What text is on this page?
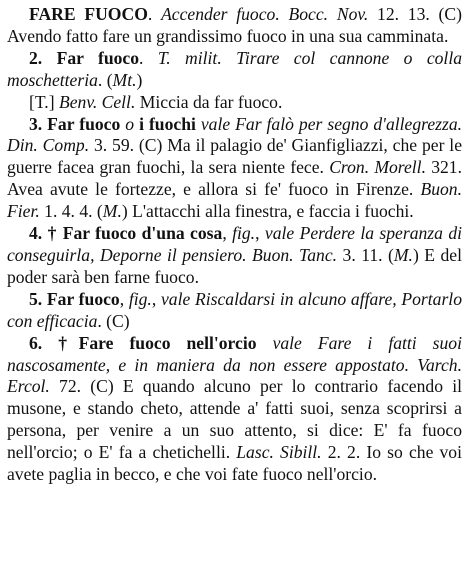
FARE FUOCO. Accender fuoco. Bocc. Nov. 12. 13. (C) Avendo fatto fare un grandissimo fuoco in una sua camminata.

2. Far fuoco. T. milit. Tirare col cannone o colla moschetteria. (Mt.)

[T.] Benv. Cell. Miccia da far fuoco.

3. Far fuoco o i fuochi vale Far falò per segno d'allegrezza. Din. Comp. 3. 59. (C) Ma il palagio de' Gianfigliazzi, che per le guerre facea gran fuochi, la sera niente fece. Cron. Morell. 321. Avea avute le fortezze, e allora si fe' fuoco in Firenze. Buon. Fier. 1. 4. 4. (M.) L'attacchi alla finestra, e faccia i fuochi.

4. † Far fuoco d'una cosa, fig., vale Perdere la speranza di conseguirla, Deporne il pensiero. Buon. Tanc. 3. 11. (M.) E del poder sarà ben farne fuoco.

5. Far fuoco, fig., vale Riscaldarsi in alcuno affare, Portarlo con efficacia. (C)

6. †Fare fuoco nell'orcio vale Fare i fatti suoi nascosamente, e in maniera da non essere appostato. Varch. Ercol. 72. (C) E quando alcuno per lo contrario facendo il musone, e stando cheto, attende a' fatti suoi, senza scoprirsi a persona, per venire a un suo attento, si dice: E' fa fuoco nell'orcio; o E' fa a chetichelli. Lasc. Sibill. 2. 2. Io so che voi avete paglia in becco, e che voi fate fuoco nell'orcio.
